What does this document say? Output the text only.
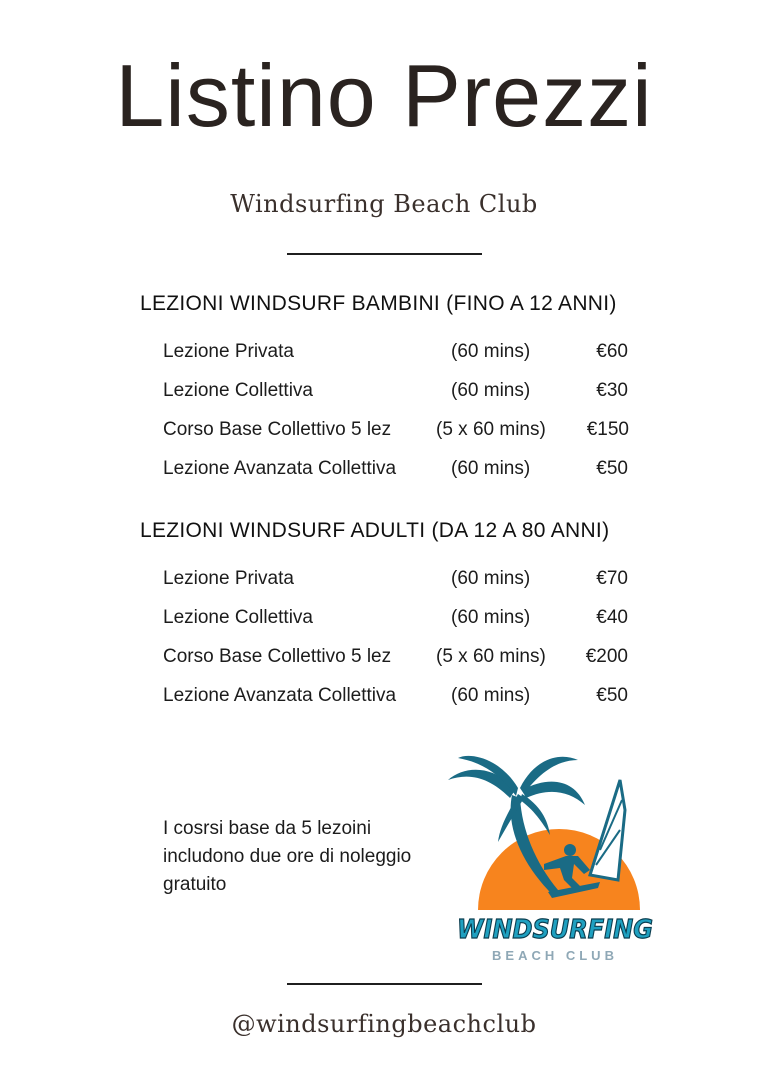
Listino Prezzi
Windsurfing Beach Club
LEZIONI WINDSURF BAMBINI (FINO A 12 ANNI)
Lezione Privata	(60 mins)	€60
Lezione Collettiva	(60 mins)	€30
Corso Base Collettivo 5 lez (5 x 60 mins)	€150
Lezione Avanzata Collettiva	(60 mins)	€50
LEZIONI WINDSURF ADULTI (DA 12 A 80 ANNI)
Lezione Privata	(60 mins)	€70
Lezione Collettiva	(60 mins)	€40
Corso Base Collettivo 5 lez (5 x 60 mins)	€200
Lezione Avanzata Collettiva	(60 mins)	€50
I cosrsi base da 5 lezoini includono due ore di noleggio gratuito
WINDSURFING
BEACH CLUB
@windsurfingbeachclub
